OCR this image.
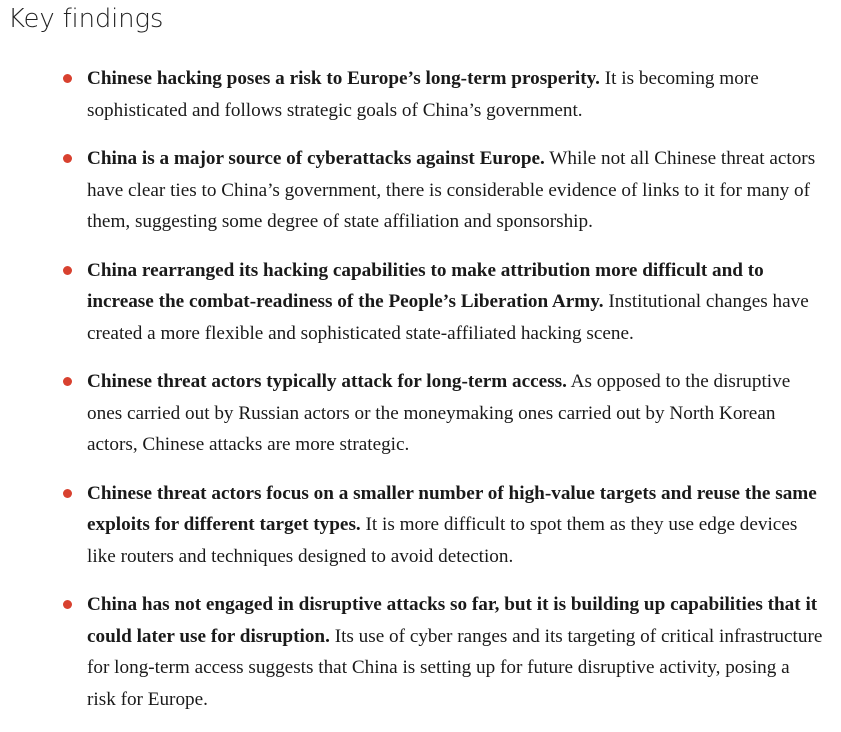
Key findings
Chinese hacking poses a risk to Europe’s long-term prosperity. It is becoming more sophisticated and follows strategic goals of China’s government.
China is a major source of cyberattacks against Europe. While not all Chinese threat actors have clear ties to China’s government, there is considerable evidence of links to it for many of them, suggesting some degree of state affiliation and sponsorship.
China rearranged its hacking capabilities to make attribution more difficult and to increase the combat-readiness of the People’s Liberation Army. Institutional changes have created a more flexible and sophisticated state-affiliated hacking scene.
Chinese threat actors typically attack for long-term access. As opposed to the disruptive ones carried out by Russian actors or the moneymaking ones carried out by North Korean actors, Chinese attacks are more strategic.
Chinese threat actors focus on a smaller number of high-value targets and reuse the same exploits for different target types. It is more difficult to spot them as they use edge devices like routers and techniques designed to avoid detection.
China has not engaged in disruptive attacks so far, but it is building up capabilities that it could later use for disruption. Its use of cyber ranges and its targeting of critical infrastructure for long-term access suggests that China is setting up for future disruptive activity, posing a risk for Europe.
